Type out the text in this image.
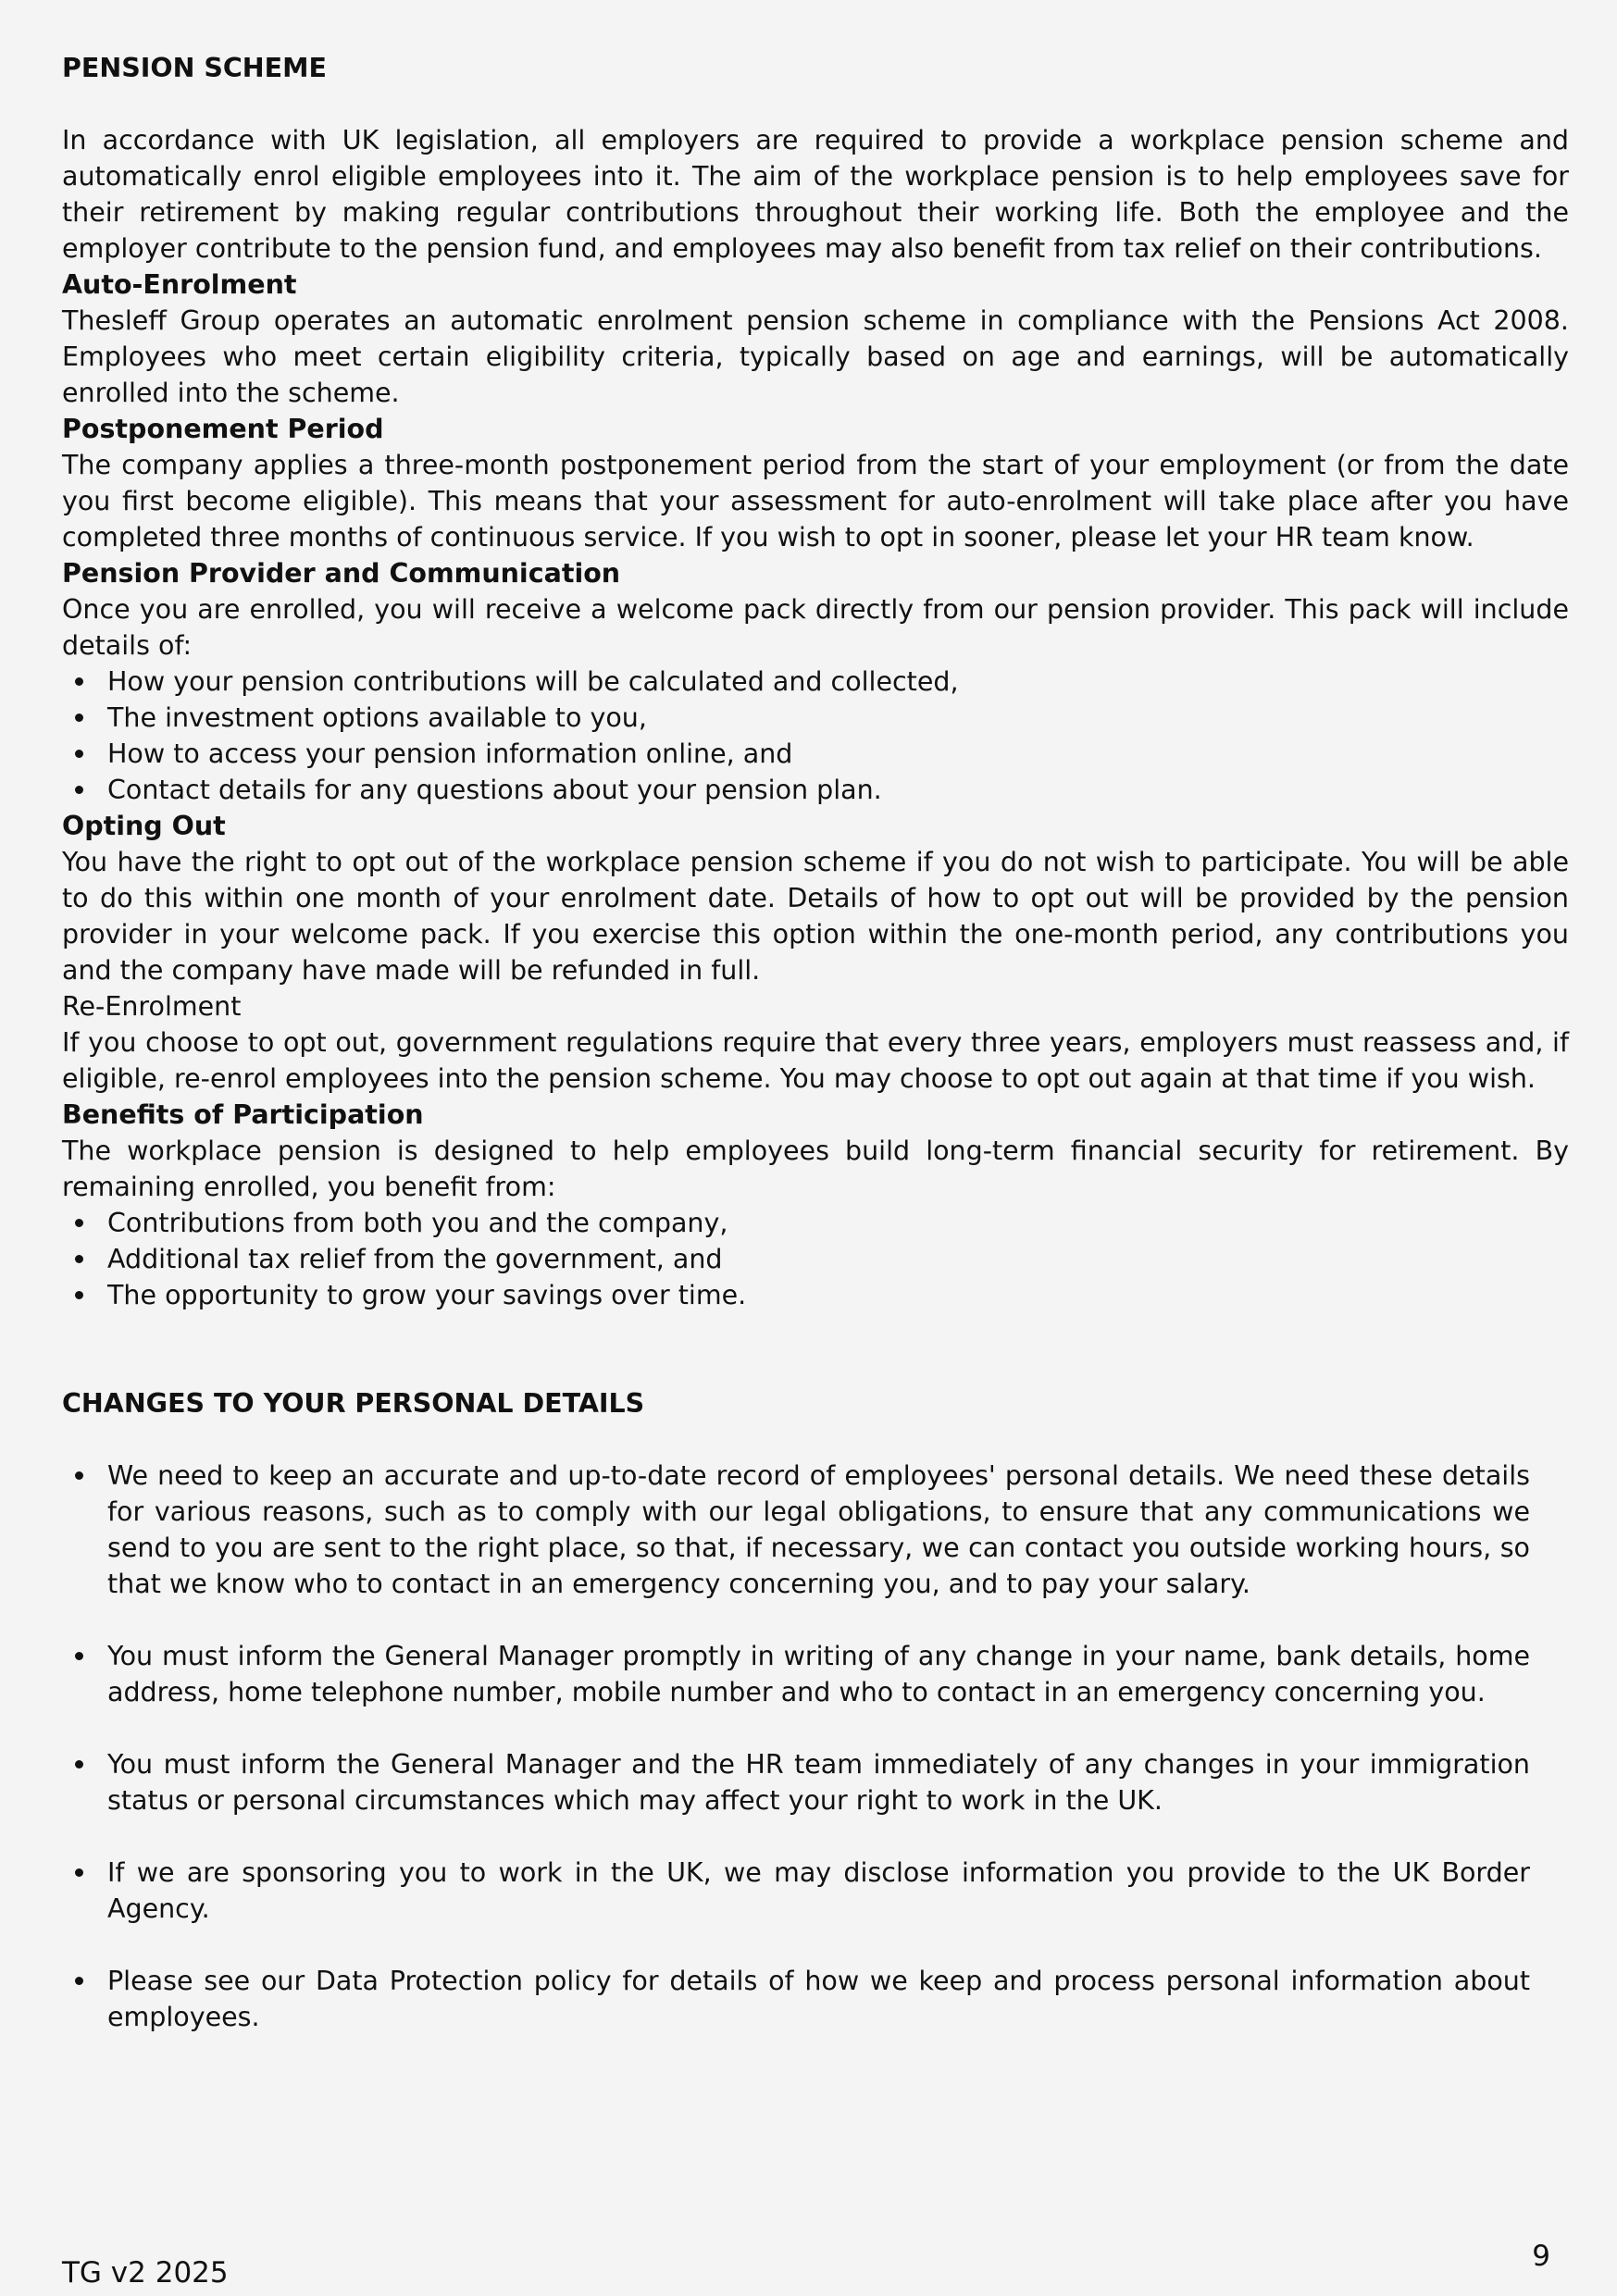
PENSION SCHEME

In accordance with UK legislation, all employers are required to provide a workplace pension scheme and automatically enrol eligible employees into it. The aim of the workplace pension is to help employees save for their retirement by making regular contributions throughout their working life. Both the employee and the employer contribute to the pension fund, and employees may also benefit from tax relief on their contributions.

Auto-Enrolment

Thesleff Group operates an automatic enrolment pension scheme in compliance with the Pensions Act 2008. Employees who meet certain eligibility criteria, typically based on age and earnings, will be automatically enrolled into the scheme.

Postponement Period

The company applies a three-month postponement period from the start of your employment (or from the date you first become eligible). This means that your assessment for auto-enrolment will take place after you have completed three months of continuous service. If you wish to opt in sooner, please let your HR team know.

Pension Provider and Communication

Once you are enrolled, you will receive a welcome pack directly from our pension provider. This pack will include details of:

How your pension contributions will be calculated and collected,
The investment options available to you,
How to access your pension information online, and
Contact details for any questions about your pension plan.
Opting Out

You have the right to opt out of the workplace pension scheme if you do not wish to participate. You will be able to do this within one month of your enrolment date. Details of how to opt out will be provided by the pension provider in your welcome pack. If you exercise this option within the one-month period, any contributions you and the company have made will be refunded in full.

Re-Enrolment

If you choose to opt out, government regulations require that every three years, employers must reassess and, if eligible, re-enrol employees into the pension scheme. You may choose to opt out again at that time if you wish.

Benefits of Participation

The workplace pension is designed to help employees build long-term financial security for retirement. By remaining enrolled, you benefit from:

Contributions from both you and the company,
Additional tax relief from the government, and
The opportunity to grow your savings over time.
CHANGES TO YOUR PERSONAL DETAILS
We need to keep an accurate and up-to-date record of employees' personal details. We need these details for various reasons, such as to comply with our legal obligations, to ensure that any communications we send to you are sent to the right place, so that, if necessary, we can contact you outside working hours, so that we know who to contact in an emergency concerning you, and to pay your salary.
You must inform the General Manager promptly in writing of any change in your name, bank details, home address, home telephone number, mobile number and who to contact in an emergency concerning you.
You must inform the General Manager and the HR team immediately of any changes in your immigration status or personal circumstances which may affect your right to work in the UK.
If we are sponsoring you to work in the UK, we may disclose information you provide to the UK Border Agency.
Please see our Data Protection policy for details of how we keep and process personal information about employees.
TG v2 2025	9
